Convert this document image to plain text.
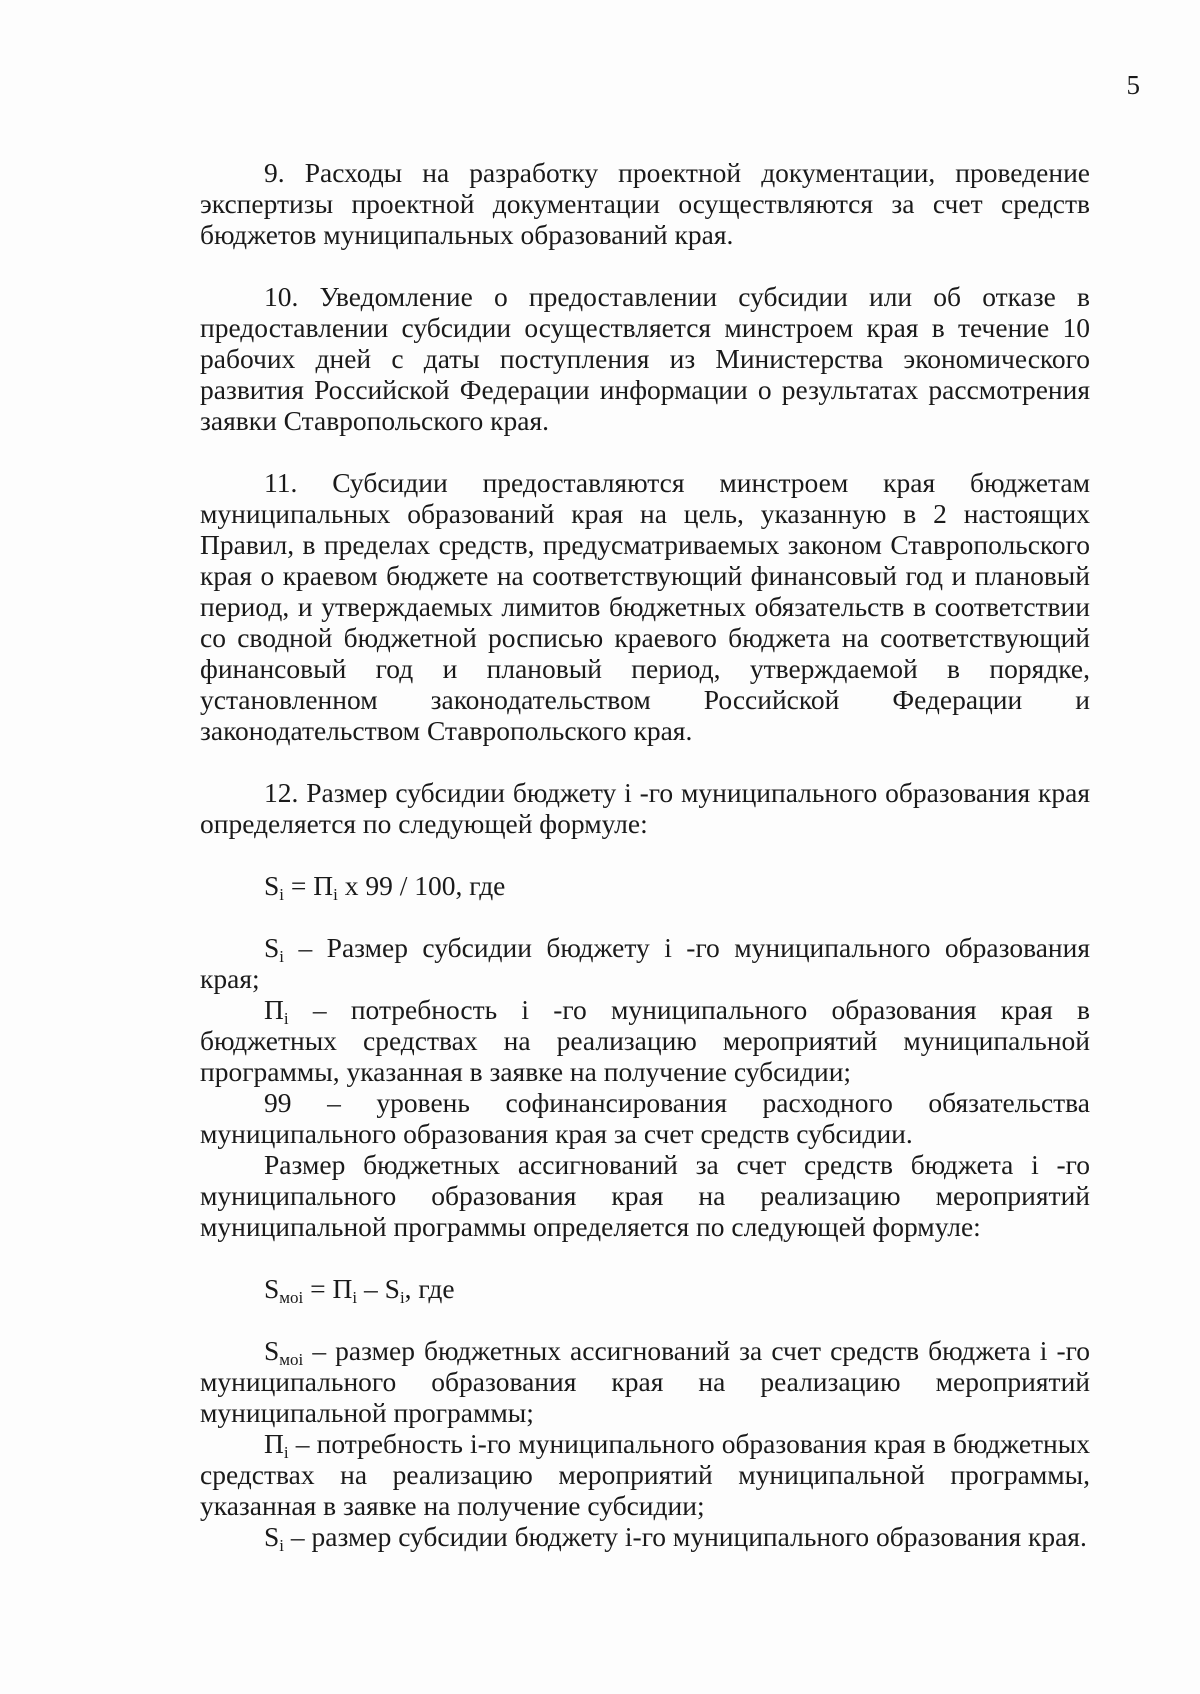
5

9. Расходы на разработку проектной документации, проведение экспертизы проектной документации осуществляются за счет средств бюджетов муниципальных образований края.

10. Уведомление о предоставлении субсидии или об отказе в предоставлении субсидии осуществляется минстроем края в течение 10 рабочих дней с даты поступления из Министерства экономического развития Российской Федерации информации о результатах рассмотрения заявки Ставропольского края.

11. Субсидии предоставляются минстроем края бюджетам муниципальных образований края на цель, указанную в 2 настоящих Правил, в пределах средств, предусматриваемых законом Ставропольского края о краевом бюджете на соответствующий финансовый год и плановый период, и утверждаемых лимитов бюджетных обязательств в соответствии со сводной бюджетной росписью краевого бюджета на соответствующий финансовый год и плановый период, утверждаемой в порядке, установленном законодательством Российской Федерации и законодательством Ставропольского края.

12. Размер субсидии бюджету i -го муниципального образования края определяется по следующей формуле:

$S_i = П_i$ х 99 / 100, где

$S_i$ – Размер субсидии бюджету i -го муниципального образования края;

$П_i$ – потребность i -го муниципального образования края в бюджетных средствах на реализацию мероприятий муниципальной программы, указанная в заявке на получение субсидии;

99 – уровень софинансирования расходного обязательства муниципального образования края за счет средств субсидии.

Размер бюджетных ассигнований за счет средств бюджета i -го муниципального образования края на реализацию мероприятий муниципальной программы определяется по следующей формуле:

$S_{мoi} = П_i - S_i$, где

$S_{мoi}$ – размер бюджетных ассигнований за счет средств бюджета i -го муниципального образования края на реализацию мероприятий муниципальной программы;

$П_i$ – потребность i-го муниципального образования края в бюджетных средствах на реализацию мероприятий муниципальной программы, указанная в заявке на получение субсидии;

$S_i$ – размер субсидии бюджету i-го муниципального образования края.
